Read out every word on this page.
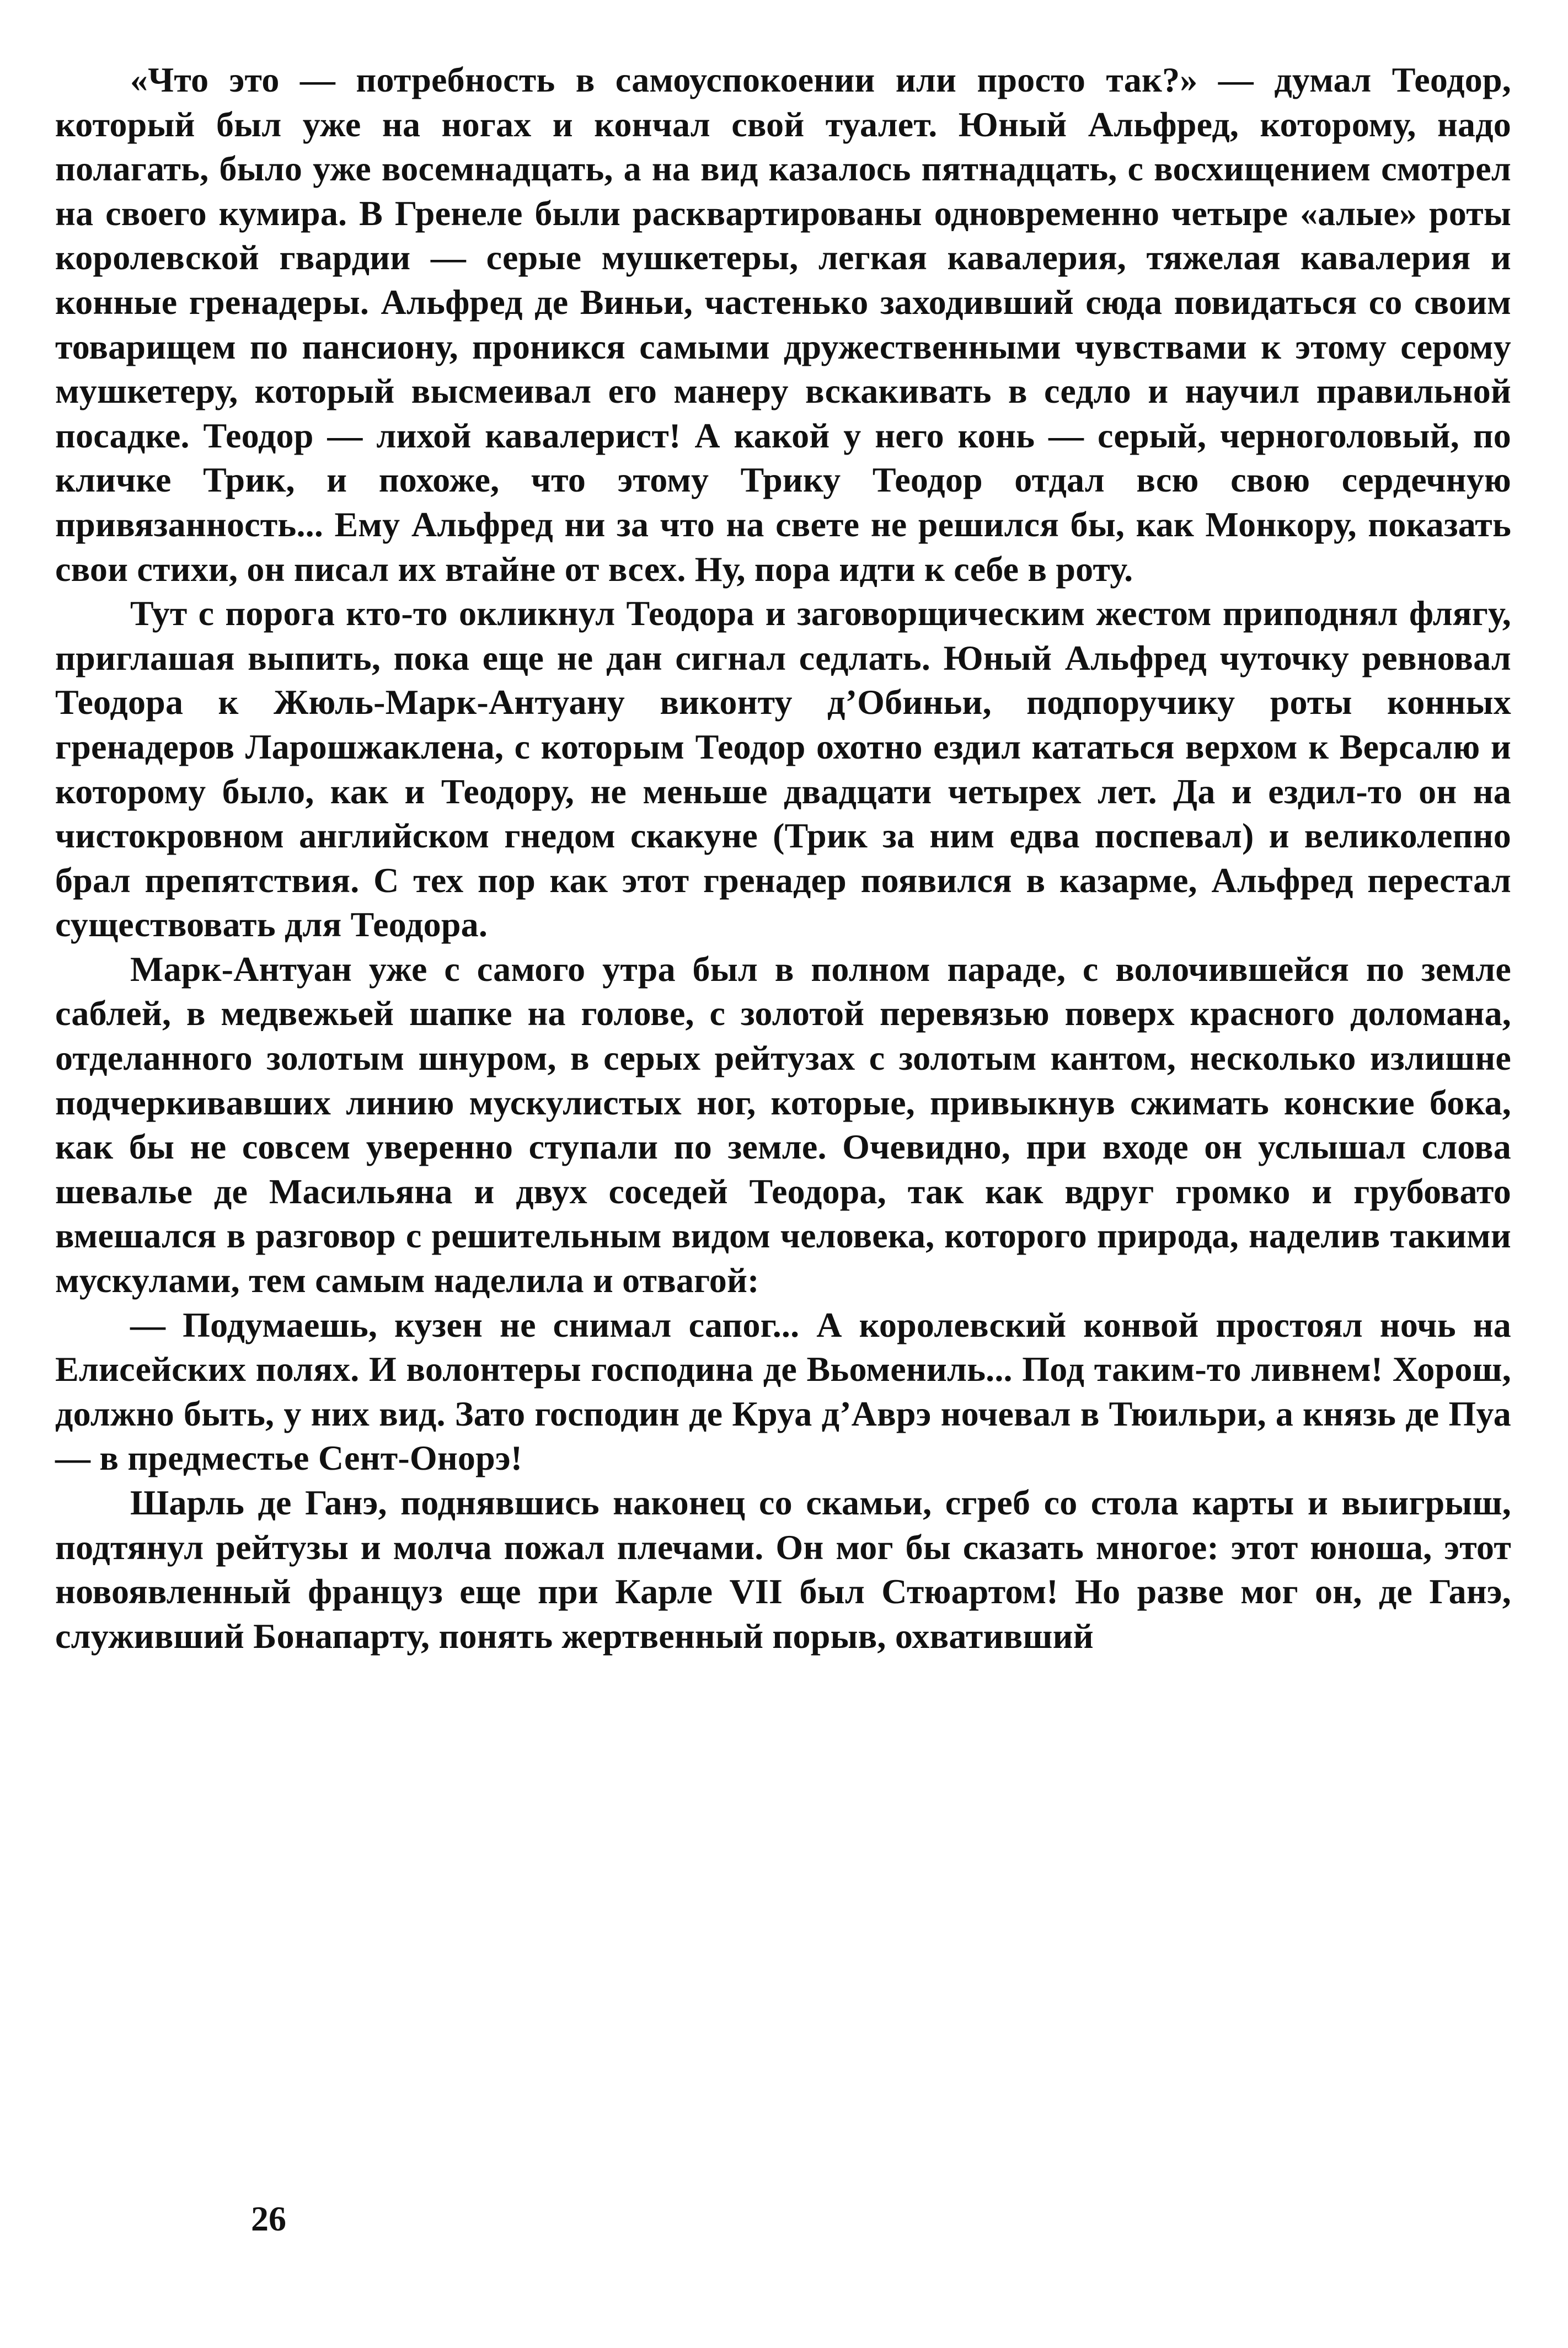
«Что это — потребность в самоуспокоении или просто так?» — думал Теодор, который был уже на ногах и кончал свой туалет. Юный Альфред, которому, надо полагать, было уже восемнадцать, а на вид казалось пятнадцать, с восхищением смотрел на своего кумира. В Гренеле были расквартированы одновременно четыре «алые» роты королевской гвардии — серые мушкетеры, легкая кавалерия, тяжелая кавалерия и конные гренадеры. Альфред де Виньи, частенько заходивший сюда повидаться со своим товарищем по пансиону, проникся самыми дружественными чувствами к этому серому мушкетеру, который высмеивал его манеру вскакивать в седло и научил правильной посадке. Теодор — лихой кавалерист! А какой у него конь — серый, черноголовый, по кличке Трик, и похоже, что этому Трику Теодор отдал всю свою сердечную привязанность... Ему Альфред ни за что на свете не решился бы, как Монкору, показать свои стихи, он писал их втайне от всех. Ну, пора идти к себе в роту.

Тут с порога кто-то окликнул Теодора и заговорщическим жестом приподнял флягу, приглашая выпить, пока еще не дан сигнал седлать. Юный Альфред чуточку ревновал Теодора к Жюль-Марк-Антуану виконту д’Обиньи, подпоручику роты конных гренадеров Ларошжаклена, с которым Теодор охотно ездил кататься верхом к Версалю и которому было, как и Теодору, не меньше двадцати четырех лет. Да и ездил-то он на чистокровном английском гнедом скакуне (Трик за ним едва поспевал) и великолепно брал препятствия. С тех пор как этот гренадер появился в казарме, Альфред перестал существовать для Теодора.

Марк-Антуан уже с самого утра был в полном параде, с волочившейся по земле саблей, в медвежьей шапке на голове, с золотой перевязью поверх красного доломана, отделанного золотым шнуром, в серых рейтузах с золотым кантом, несколько излишне подчеркивавших линию мускулистых ног, которые, привыкнув сжимать конские бока, как бы не совсем уверенно ступали по земле. Очевидно, при входе он услышал слова шевалье де Масильяна и двух соседей Теодора, так как вдруг громко и грубовато вмешался в разговор с решительным видом человека, которого природа, наделив такими мускулами, тем самым наделила и отвагой:

— Подумаешь, кузен не снимал сапог... А королевский конвой простоял ночь на Елисейских полях. И волонтеры господина де Вьомениль... Под таким-то ливнем! Хорош, должно быть, у них вид. Зато господин де Круа д’Аврэ ночевал в Тюильри, а князь де Пуа — в предместье Сент-Онорэ!

Шарль де Ганэ, поднявшись наконец со скамьи, сгреб со стола карты и выигрыш, подтянул рейтузы и молча пожал плечами. Он мог бы сказать многое: этот юноша, этот новоявленный француз еще при Карле VII был Стюартом! Но разве мог он, де Ганэ, служивший Бонапарту, понять жертвенный порыв, охвативший

26
